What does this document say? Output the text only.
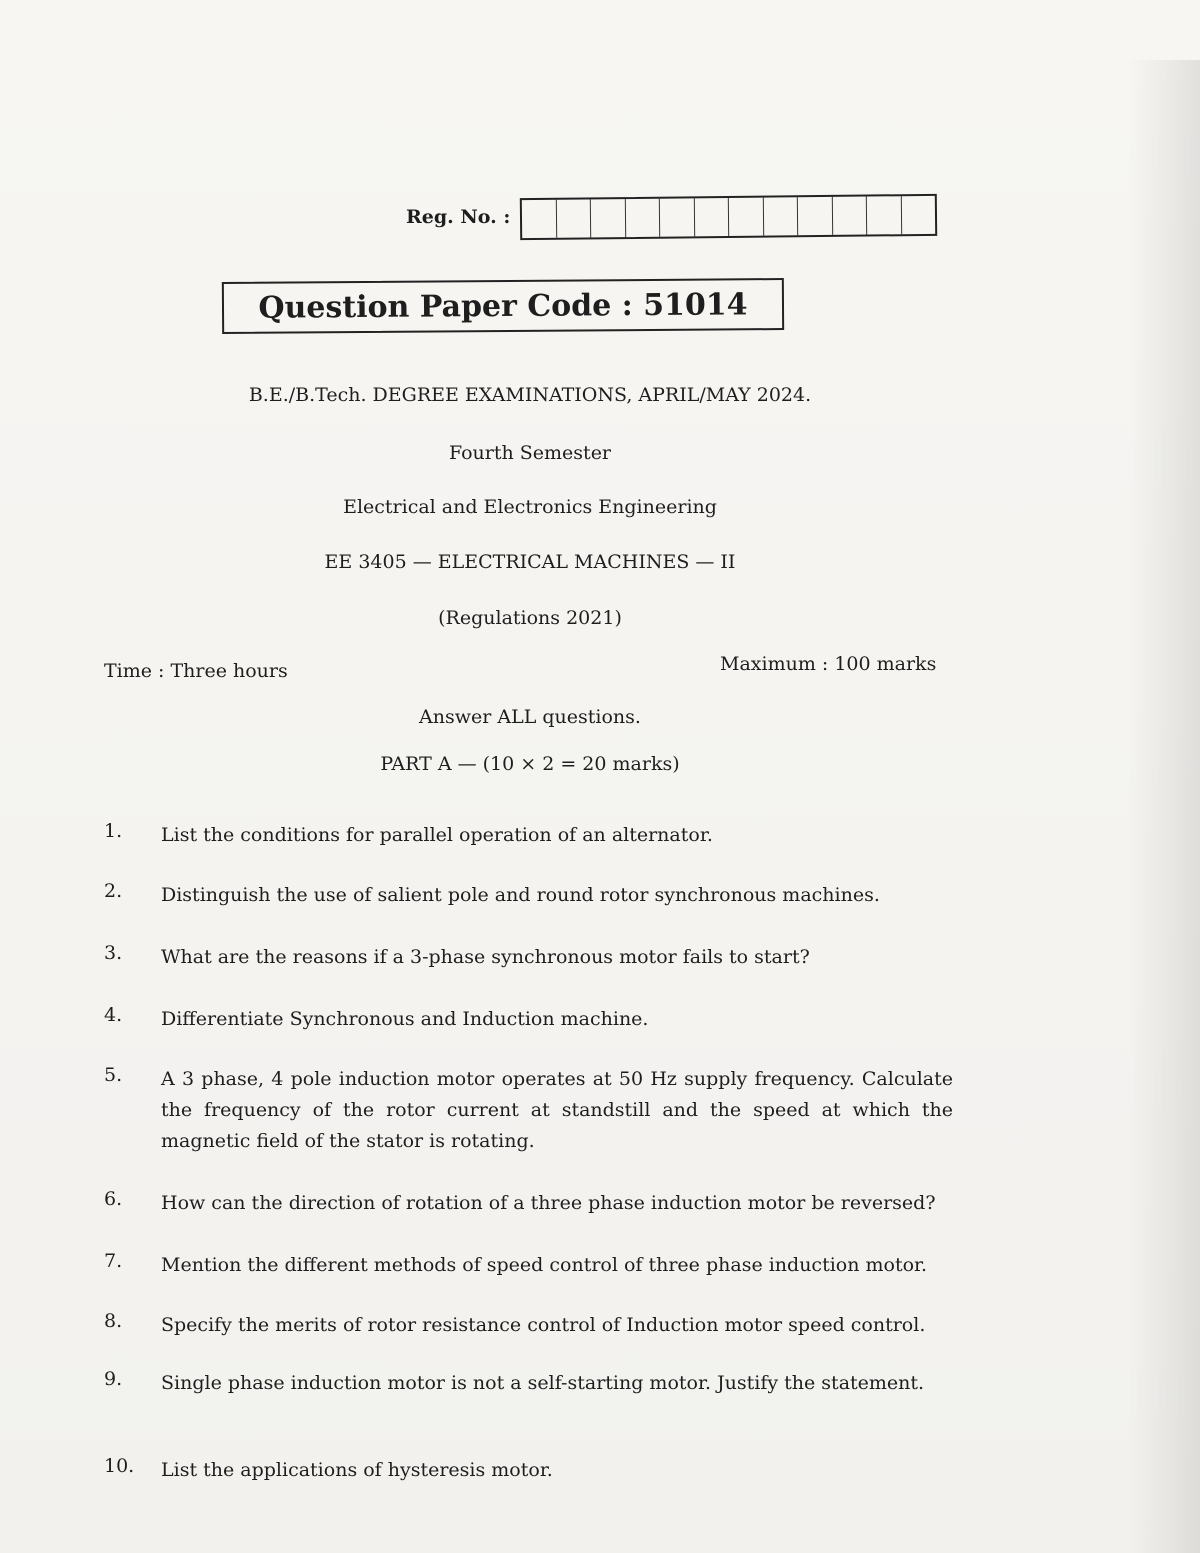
Reg. No. :
Question Paper Code : 51014
B.E./B.Tech. DEGREE EXAMINATIONS, APRIL/MAY 2024.
Fourth Semester
Electrical and Electronics Engineering
EE 3405 — ELECTRICAL MACHINES — II
(Regulations 2021)
Time : Three hours	Maximum : 100 marks
Answer ALL questions.
PART A — (10 × 2 = 20 marks)
1. List the conditions for parallel operation of an alternator.
2. Distinguish the use of salient pole and round rotor synchronous machines.
3. What are the reasons if a 3-phase synchronous motor fails to start?
4. Differentiate Synchronous and Induction machine.
5. A 3 phase, 4 pole induction motor operates at 50 Hz supply frequency. Calculate the frequency of the rotor current at standstill and the speed at which the magnetic field of the stator is rotating.
6. How can the direction of rotation of a three phase induction motor be reversed?
7. Mention the different methods of speed control of three phase induction motor.
8. Specify the merits of rotor resistance control of Induction motor speed control.
9. Single phase induction motor is not a self-starting motor. Justify the statement.
10. List the applications of hysteresis motor.
